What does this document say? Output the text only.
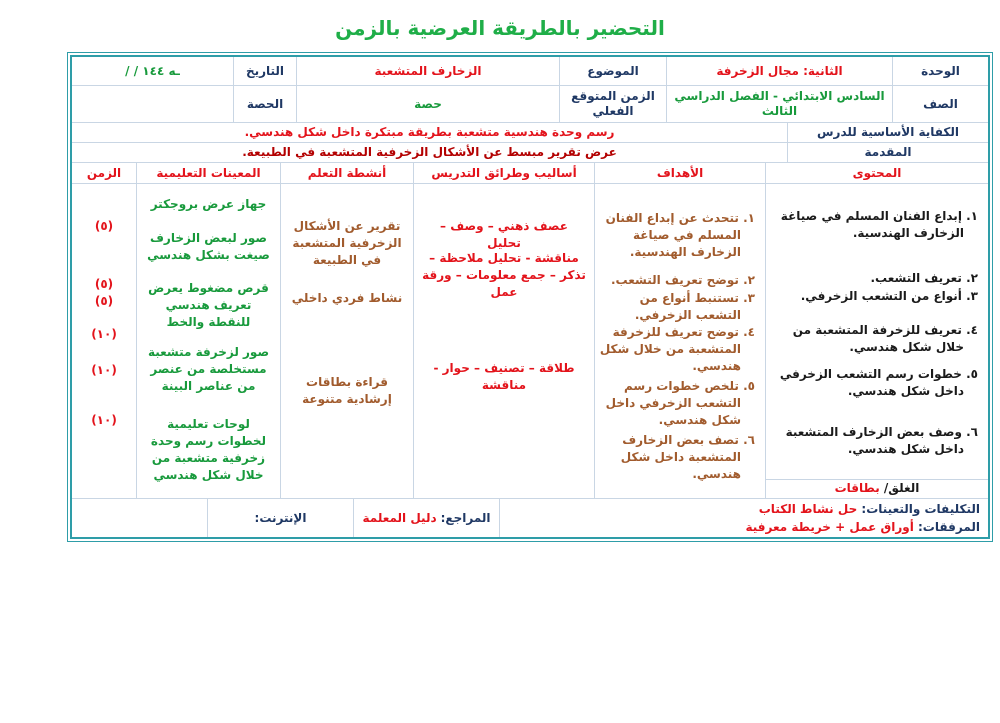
التحضير بالطريقة العرضية بالزمن
الوحدة
الثانية: مجال الزخرفة
الموضوع
الزخارف المتشعبة
التاريخ
/ / ١٤٤ هـ
الصف
السادس الابتدائي - الفصل الدراسي الثالث
الزمن المتوقع الفعلي
حصة
الحصة
الكفاية الأساسية للدرس
رسم وحدة هندسية متشعبة بطريقة مبتكرة داخل شكل هندسي.
المقدمة
عرض تقرير مبسط عن الأشكال الزخرفية المتشعبة في الطبيعة.
المحتوى
الأهداف
أساليب وطرائق التدريس
أنشطة التعلم
المعينات التعليمية
الزمن
١. إبداع الفنان المسلم في صياغة الزخارف الهندسية.
٢. تعريف التشعب.
٣. أنواع من التشعب الزخرفي.
٤. تعريف للزخرفة المتشعبة من خلال شكل هندسي.
٥. خطوات رسم التشعب الزخرفي داخل شكل هندسي.
٦. وصف بعض الزخارف المتشعبة داخل شكل هندسي.
الغلق/ بطاقات
١. تتحدث عن إبداع الفنان المسلم في صياغة الزخارف الهندسية.
٢. توضح تعريف التشعب.
٣. تستنبط أنواع من التشعب الزخرفي.
٤. توضح تعريف للزخرفة المتشعبة من خلال شكل هندسي.
٥. تلخص خطوات رسم التشعب الزخرفي داخل شكل هندسي.
٦. تصف بعض الزخارف المتشعبة داخل شكل هندسي.
عصف ذهني – وصف – تحليل
مناقشة - تحليل ملاحظة – تذكر – جمع معلومات – ورقة عمل
طلاقة – تصنيف – حوار - مناقشة
تقرير عن الأشكال الزخرفية المتشعبة في الطبيعة
نشاط فردي داخلي
قراءة بطاقات إرشادية متنوعة
جهاز عرض بروجكتر
صور لبعض الزخارف صيغت بشكل هندسي
قرص مضغوط يعرض تعريف هندسي للنقطة والخط
صور لزخرفة متشعبة مستخلصة من عنصر من عناصر البينة
لوحات تعليمية لخطوات رسم وحدة زخرفية متشعبة من خلال شكل هندسي
(٥)
(٥)
(٥)
(١٠)
(١٠)
(١٠)
التكليفات والتعينات: حل نشاط الكتاب
المرفقات: أوراق عمل + خريطة معرفية
المراجع:
دليل المعلمة
الإنترنت:
